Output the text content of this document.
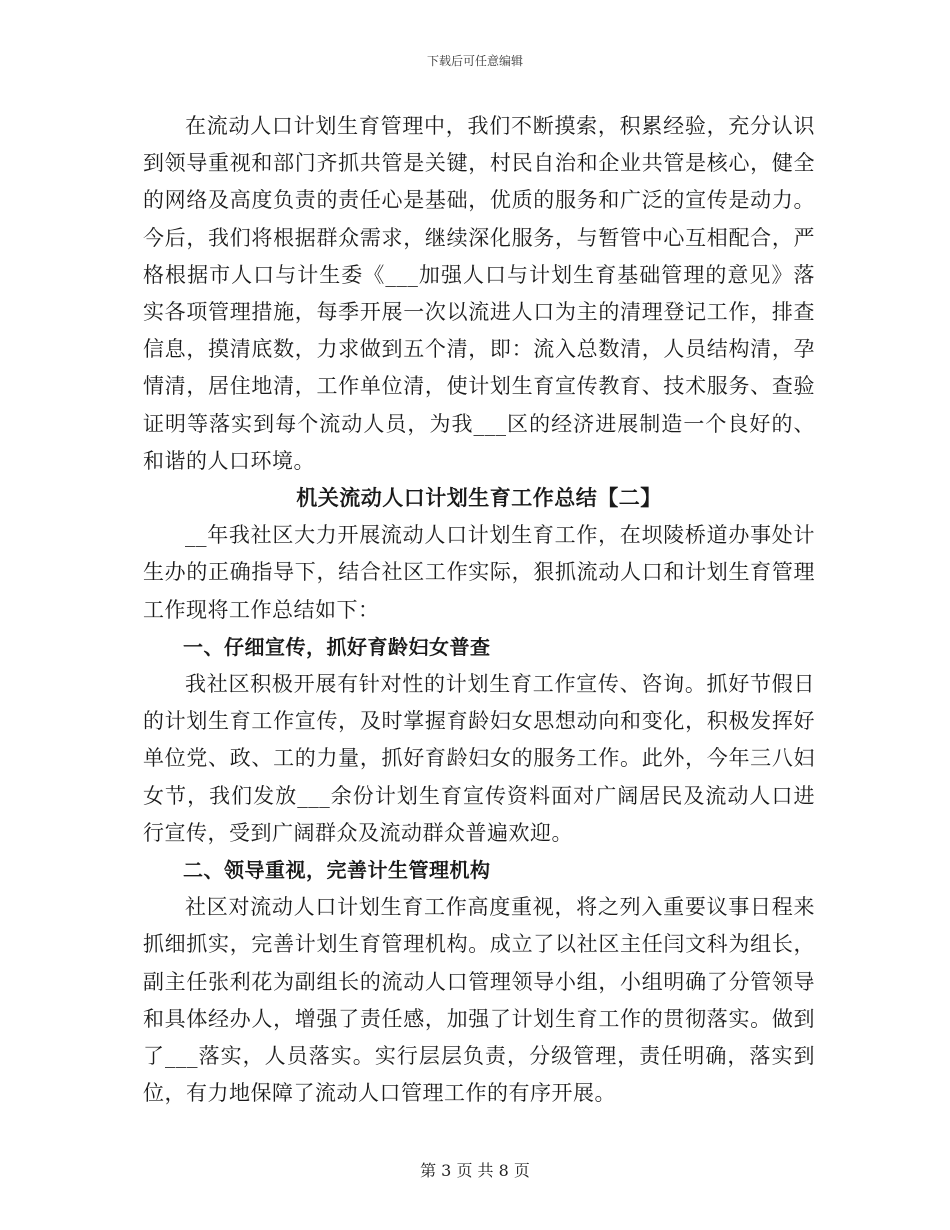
下载后可任意编辑

在流动人口计划生育管理中，我们不断摸索，积累经验，充分认识到领导重视和部门齐抓共管是关键，村民自治和企业共管是核心，健全的网络及高度负责的责任心是基础，优质的服务和广泛的宣传是动力。今后，我们将根据群众需求，继续深化服务，与暂管中心互相配合，严格根据市人口与计生委《___加强人口与计划生育基础管理的意见》落实各项管理措施，每季开展一次以流进人口为主的清理登记工作，排查信息，摸清底数，力求做到五个清，即：流入总数清，人员结构清，孕情清，居住地清，工作单位清，使计划生育宣传教育、技术服务、查验证明等落实到每个流动人员，为我___区的经济进展制造一个良好的、和谐的人口环境。

机关流动人口计划生育工作总结【二】

__年我社区大力开展流动人口计划生育工作，在坝陵桥道办事处计生办的正确指导下，结合社区工作实际，狠抓流动人口和计划生育管理工作现将工作总结如下：

一、仔细宣传，抓好育龄妇女普查

我社区积极开展有针对性的计划生育工作宣传、咨询。抓好节假日的计划生育工作宣传，及时掌握育龄妇女思想动向和变化，积极发挥好单位党、政、工的力量，抓好育龄妇女的服务工作。此外，今年三八妇女节，我们发放___余份计划生育宣传资料面对广阔居民及流动人口进行宣传，受到广阔群众及流动群众普遍欢迎。

二、领导重视，完善计生管理机构

社区对流动人口计划生育工作高度重视，将之列入重要议事日程来抓细抓实，完善计划生育管理机构。成立了以社区主任闫文科为组长，副主任张利花为副组长的流动人口管理领导小组，小组明确了分管领导和具体经办人，增强了责任感，加强了计划生育工作的贯彻落实。做到了___落实，人员落实。实行层层负责，分级管理，责任明确，落实到位，有力地保障了流动人口管理工作的有序开展。

第 3 页 共 8 页
